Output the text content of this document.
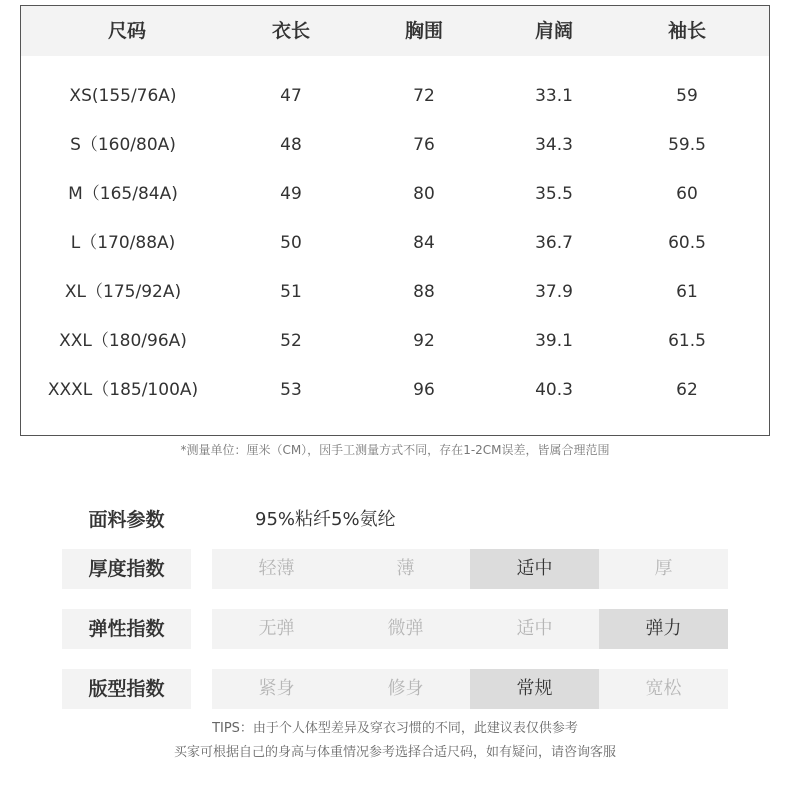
尺码	衣长	胸围	肩阔	袖长
XS(155/76A)	47	72	33.1	59
S（160/80A)	48	76	34.3	59.5
M（165/84A)	49	80	35.5	60
L（170/88A)	50	84	36.7	60.5
XL（175/92A)	51	88	37.9	61
XXL（180/96A)	52	92	39.1	61.5
XXXL（185/100A)	53	96	40.3	62
*测量单位：厘米（CM），因手工测量方式不同，存在1-2CM误差，皆属合理范围
面料参数	95%粘纤5%氨纶
厚度指数	轻薄	薄	适中	厚
弹性指数	无弹	微弹	适中	弹力
版型指数	紧身	修身	常规	宽松
TIPS：由于个人体型差异及穿衣习惯的不同，此建议表仅供参考
买家可根据自己的身高与体重情况参考选择合适尺码，如有疑问，请咨询客服
